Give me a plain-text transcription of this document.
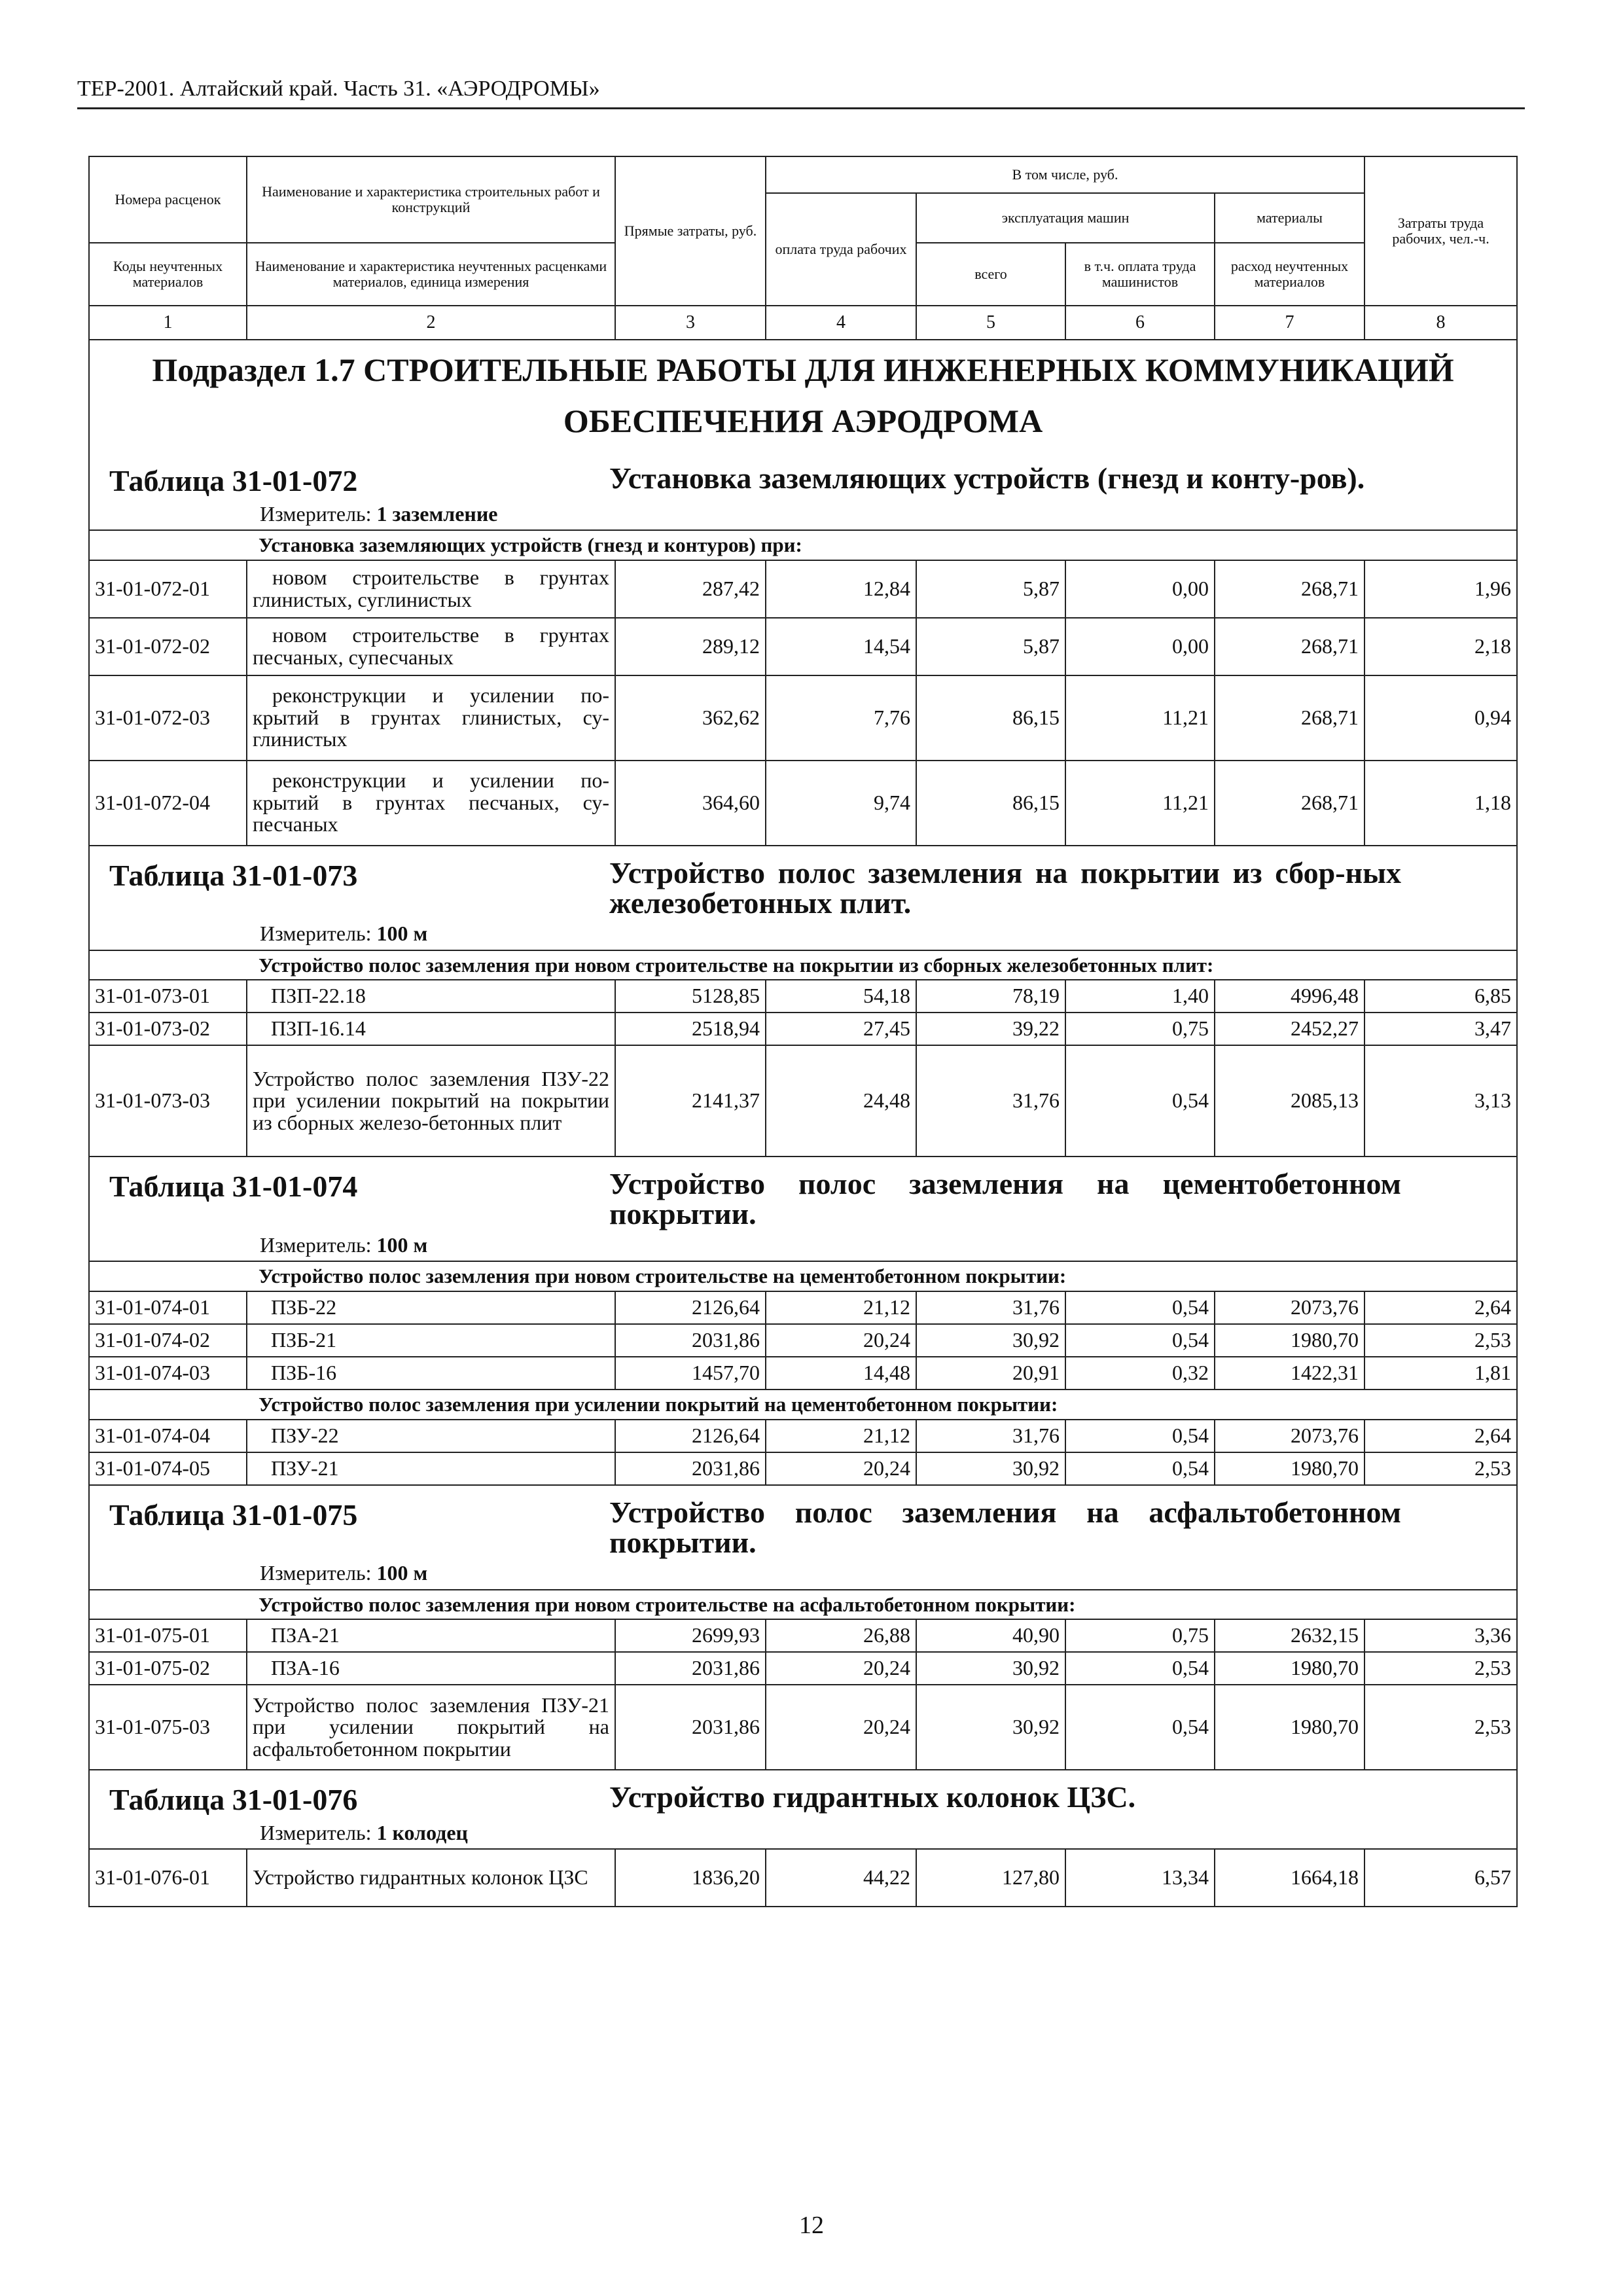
ТЕР-2001. Алтайский край. Часть 31. «АЭРОДРОМЫ»
Номера расценок	Наименование и характеристика строительных работ и конструкций	Прямые затраты, руб.	В том числе, руб.				Затраты труда рабочих, чел.-ч.
			оплата труда рабочих	эксплуатация машин		материалы	
Коды неучтенных материалов	Наименование и характеристика неучтенных расценками материалов, единица измерения			всего	в т.ч. оплата труда машинистов	расход неучтенных материалов	
1	2	3	4	5	6	7	8

Подраздел 1.7 СТРОИТЕЛЬНЫЕ РАБОТЫ ДЛЯ ИНЖЕНЕРНЫХ КОММУНИКАЦИЙ
ОБЕСПЕЧЕНИЯ АЭРОДРОМА							

Таблица 31-01-072 Установка заземляющих устройств (гнезд и конту-ров).							

Измеритель: 1 заземление							
Установка заземляющих устройств (гнезд и контуров) при:							
31-01-072-01	новом строительстве в грунтах глинистых, суглинистых	287,42	12,84	5,87	0,00	268,71	1,96
31-01-072-02	новом строительстве в грунтах песчаных, супесчаных	289,12	14,54	5,87	0,00	268,71	2,18
31-01-072-03	реконструкции и усилении по-крытий в грунтах глинистых, су-глинистых	362,62	7,76	86,15	11,21	268,71	0,94
31-01-072-04	реконструкции и усилении по-крытий в грунтах песчаных, су-песчаных	364,60	9,74	86,15	11,21	268,71	1,18

Таблица 31-01-073 Устройство полос заземления на покрытии из сбор-ных железобетонных плит.							

Измеритель: 100 м							
Устройство полос заземления при новом строительстве на покрытии из сборных железобетонных плит:							
31-01-073-01	ПЗП-22.18	5128,85	54,18	78,19	1,40	4996,48	6,85
31-01-073-02	ПЗП-16.14	2518,94	27,45	39,22	0,75	2452,27	3,47
31-01-073-03	Устройство полос заземления ПЗУ-22 при усилении покрытий на покрытии из сборных железо-бетонных плит	2141,37	24,48	31,76	0,54	2085,13	3,13

Таблица 31-01-074 Устройство полос заземления на цементобетонном покрытии.							

Измеритель: 100 м							
Устройство полос заземления при новом строительстве на цементобетонном покрытии:							
31-01-074-01	ПЗБ-22	2126,64	21,12	31,76	0,54	2073,76	2,64
31-01-074-02	ПЗБ-21	2031,86	20,24	30,92	0,54	1980,70	2,53
31-01-074-03	ПЗБ-16	1457,70	14,48	20,91	0,32	1422,31	1,81
Устройство полос заземления при усилении покрытий на цементобетонном покрытии:							
31-01-074-04	ПЗУ-22	2126,64	21,12	31,76	0,54	2073,76	2,64
31-01-074-05	ПЗУ-21	2031,86	20,24	30,92	0,54	1980,70	2,53

Таблица 31-01-075 Устройство полос заземления на асфальтобетонном покрытии.							

Измеритель: 100 м							
Устройство полос заземления при новом строительстве на асфальтобетонном покрытии:							
31-01-075-01	ПЗА-21	2699,93	26,88	40,90	0,75	2632,15	3,36
31-01-075-02	ПЗА-16	2031,86	20,24	30,92	0,54	1980,70	2,53
31-01-075-03	Устройство полос заземления ПЗУ-21 при усилении покрытий на асфальтобетонном покрытии	2031,86	20,24	30,92	0,54	1980,70	2,53

Таблица 31-01-076 Устройство гидрантных колонок ЦЗС.							

Измеритель: 1 колодец							
31-01-076-01	Устройство гидрантных колонок ЦЗС	1836,20	44,22	127,80	13,34	1664,18	6,57
12
